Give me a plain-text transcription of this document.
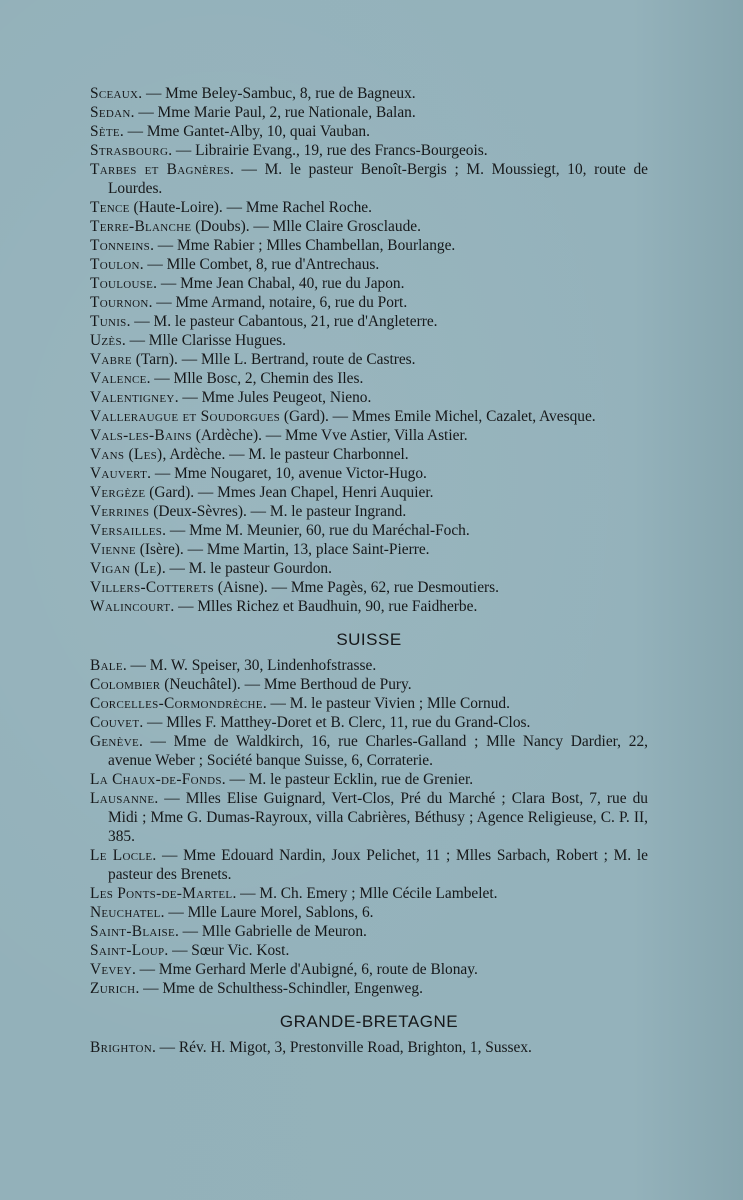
Sceaux. — Mme Beley-Sambuc, 8, rue de Bagneux.
Sedan. — Mme Marie Paul, 2, rue Nationale, Balan.
Sète. — Mme Gantet-Alby, 10, quai Vauban.
Strasbourg. — Librairie Evang., 19, rue des Francs-Bourgeois.
Tarbes et Bagnères. — M. le pasteur Benoît-Bergis ; M. Moussiegt, 10, route de Lourdes.
Tence (Haute-Loire). — Mme Rachel Roche.
Terre-Blanche (Doubs). — Mlle Claire Grosclaude.
Tonneins. — Mme Rabier ; Mlles Chambellan, Bourlange.
Toulon. — Mlle Combet, 8, rue d'Antrechaus.
Toulouse. — Mme Jean Chabal, 40, rue du Japon.
Tournon. — Mme Armand, notaire, 6, rue du Port.
Tunis. — M. le pasteur Cabantous, 21, rue d'Angleterre.
Uzès. — Mlle Clarisse Hugues.
Vabre (Tarn). — Mlle L. Bertrand, route de Castres.
Valence. — Mlle Bosc, 2, Chemin des Iles.
Valentigney. — Mme Jules Peugeot, Nieno.
Valleraugue et Soudorgues (Gard). — Mmes Emile Michel, Cazalet, Avesque.
Vals-les-Bains (Ardèche). — Mme Vve Astier, Villa Astier.
Vans (Les), Ardèche. — M. le pasteur Charbonnel.
Vauvert. — Mme Nougaret, 10, avenue Victor-Hugo.
Vergèze (Gard). — Mmes Jean Chapel, Henri Auquier.
Verrines (Deux-Sèvres). — M. le pasteur Ingrand.
Versailles. — Mme M. Meunier, 60, rue du Maréchal-Foch.
Vienne (Isère). — Mme Martin, 13, place Saint-Pierre.
Vigan (Le). — M. le pasteur Gourdon.
Villers-Cotterets (Aisne). — Mme Pagès, 62, rue Desmoutiers.
Walincourt. — Mlles Richez et Baudhuin, 90, rue Faidherbe.
SUISSE
Bale. — M. W. Speiser, 30, Lindenhofstrasse.
Colombier (Neuchâtel). — Mme Berthoud de Pury.
Corcelles-Cormondrèche. — M. le pasteur Vivien ; Mlle Cornud.
Couvet. — Mlles F. Matthey-Doret et B. Clerc, 11, rue du Grand-Clos.
Genève. — Mme de Waldkirch, 16, rue Charles-Galland ; Mlle Nancy Dardier, 22, avenue Weber ; Société banque Suisse, 6, Corraterie.
La Chaux-de-Fonds. — M. le pasteur Ecklin, rue de Grenier.
Lausanne. — Mlles Elise Guignard, Vert-Clos, Pré du Marché ; Clara Bost, 7, rue du Midi ; Mme G. Dumas-Rayroux, villa Cabrières, Béthusy ; Agence Religieuse, C. P. II, 385.
Le Locle. — Mme Edouard Nardin, Joux Pelichet, 11 ; Mlles Sarbach, Robert ; M. le pasteur des Brenets.
Les Ponts-de-Martel. — M. Ch. Emery ; Mlle Cécile Lambelet.
Neuchatel. — Mlle Laure Morel, Sablons, 6.
Saint-Blaise. — Mlle Gabrielle de Meuron.
Saint-Loup. — Sœur Vic. Kost.
Vevey. — Mme Gerhard Merle d'Aubigné, 6, route de Blonay.
Zurich. — Mme de Schulthess-Schindler, Engenweg.
GRANDE-BRETAGNE
Brighton. — Rév. H. Migot, 3, Prestonville Road, Brighton, 1, Sussex.
